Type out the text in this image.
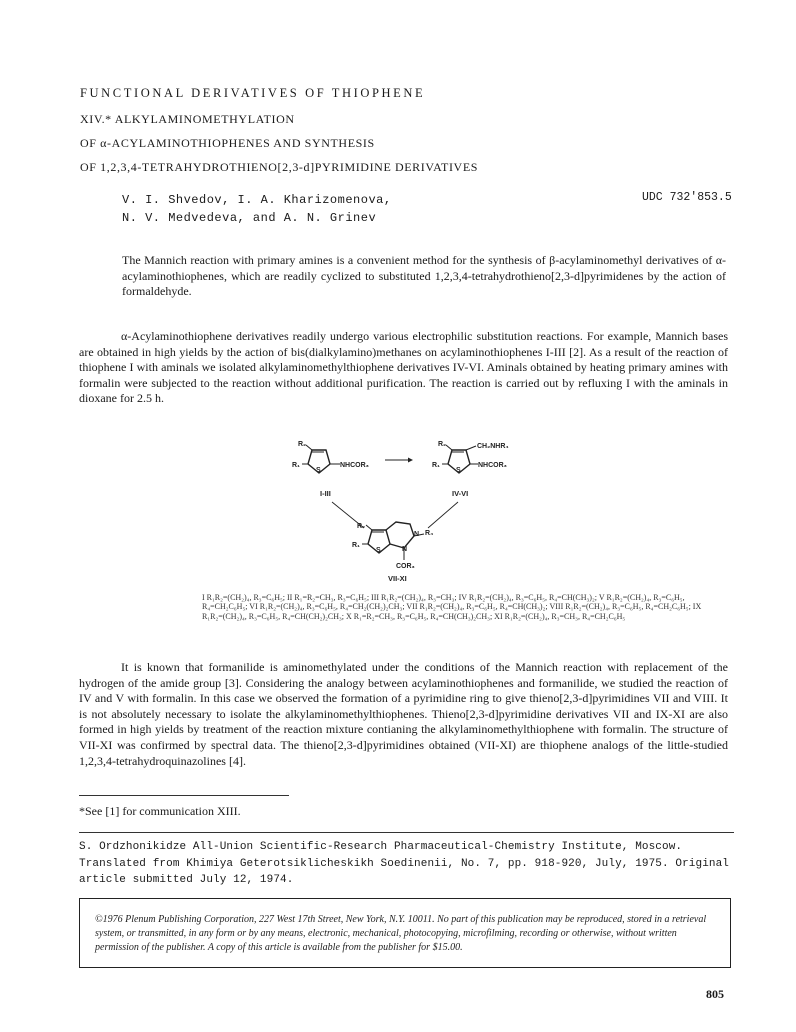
FUNCTIONAL DERIVATIVES OF THIOPHENE
XIV.* ALKYLAMINOMETHYLATION
OF α-ACYLAMINOTHIOPHENES AND SYNTHESIS
OF 1,2,3,4-TETRAHYDROTHIENO[2,3-d]PYRIMIDINE DERIVATIVES
V. I. Shvedov, I. A. Kharizomenova,
N. V. Medvedeva, and A. N. Grinev
UDC 732'853.5
The Mannich reaction with primary amines is a convenient method for the synthesis of β-acylaminomethyl derivatives of α-acylaminothiophenes, which are readily cyclized to substituted 1,2,3,4-tetrahydrothieno[2,3-d]pyrimidenes by the action of formaldehyde.
α-Acylaminothiophene derivatives readily undergo various electrophilic substitution reactions. For example, Mannich bases are obtained in high yields by the action of bis(dialkylamino)methanes on acylaminothiophenes I-III [2]. As a result of the reaction of thiophene I with aminals we isolated alkylaminomethylthiophene derivatives IV-VI. Aminals obtained by heating primary amines with formalin were subjected to the reaction without additional purification. The reaction is carried out by refluxing I with the aminals in dioxane for 2.5 h.
R₂
R₁
S
NHCOR₃
R₂
R₁
S
CH₂NHR₄
NHCOR₃
I-III	IV-VI
R₂
R₁
S
N R₄
N
COR₃
VII-XI
I R₁R₂=(CH₂)₄, R₃=C₆H₅; II R₁=R₂=CH₃, R₃=C₆H₅; III R₁R₂=(CH₂)₄, R₃=CH₃; IV R₁R₂=(CH₂)₄, R₃=C₆H₅, R₄=CH(CH₃)₂; V R₁R₂=(CH₂)₄, R₃=C₆H₅, R₄=CH₂C₆H₅; VI R₁R₂=(CH₂)₄, R₃=C₆H₅, R₄=CH₂(CH₂)₂CH₃; VII R₁R₂=(CH₂)₄, R₃=C₆H₅, R₄=CH(CH₃)₂; VIII R₁R₂=(CH₂)₄, R₃=C₆H₅, R₄=CH₂C₆H₅; IX R₁R₂=(CH₂)₄, R₃=C₆H₅, R₄=CH(CH₂)₂CH₃; X R₁=R₂=CH₃, R₃=C₆H₅, R₄=CH(CH₃)₂CH₃; XI R₁R₂=(CH₂)₄, R₃=CH₃, R₄=CH₂C₆H₅
It is known that formanilide is aminomethylated under the conditions of the Mannich reaction with replacement of the hydrogen of the amide group [3]. Considering the analogy between acylaminothiophenes and formanilide, we studied the reaction of IV and V with formalin. In this case we observed the formation of a pyrimidine ring to give thieno[2,3-d]pyrimidines VII and VIII. It is not absolutely necessary to isolate the alkylaminomethylthiophenes. Thieno[2,3-d]pyrimidine derivatives VII and IX-XI are also formed in high yields by treatment of the reaction mixture contianing the alkylaminomethylthiophene with formalin. The structure of VII-XI was confirmed by spectral data. The thieno[2,3-d]pyrimidines obtained (VII-XI) are thiophene analogs of the little-studied 1,2,3,4-tetrahydroquinazolines [4].
*See [1] for communication XIII.
S. Ordzhonikidze All-Union Scientific-Research Pharmaceutical-Chemistry Institute, Moscow. Translated from Khimiya Geterotsiklicheskikh Soedinenii, No. 7, pp. 918-920, July, 1975. Original article submitted July 12, 1974.
©1976 Plenum Publishing Corporation, 227 West 17th Street, New York, N.Y. 10011. No part of this publication may be reproduced, stored in a retrieval system, or transmitted, in any form or by any means, electronic, mechanical, photocopying, microfilming, recording or otherwise, without written permission of the publisher. A copy of this article is available from the publisher for $15.00.
805
